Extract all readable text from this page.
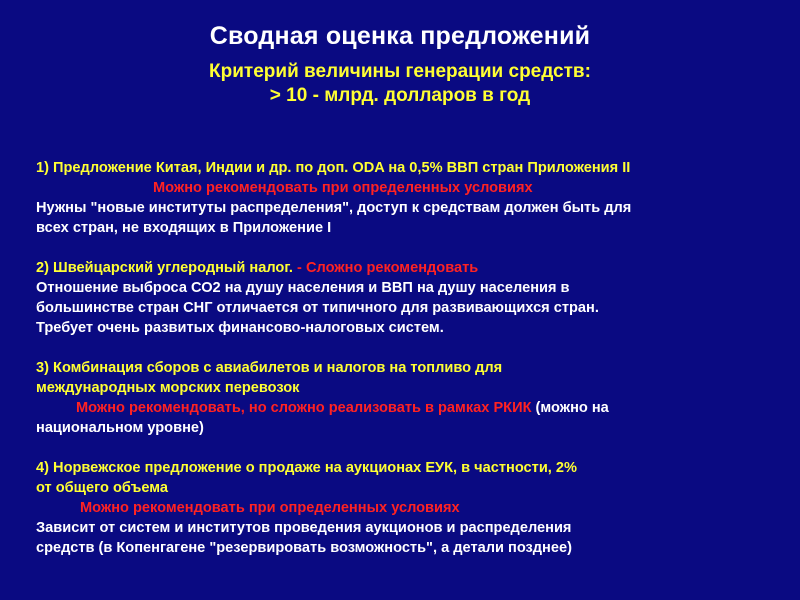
Сводная оценка предложений
Критерий величины генерации средств:
> 10 - млрд. долларов в год
1) Предложение Китая, Индии и др. по доп. ODA на 0,5% ВВП стран Приложения II
Можно рекомендовать при определенных условиях
Нужны "новые институты распределения", доступ к средствам должен быть для
всех стран, не входящих в Приложение I
2) Швейцарский углеродный налог. - Сложно рекомендовать
Отношение выброса СО2 на душу населения и ВВП на душу населения в
большинстве стран СНГ отличается от типичного для развивающихся стран.
Требует очень развитых финансово-налоговых систем.
3) Комбинация сборов с авиабилетов и налогов на топливо для
международных морских перевозок
Можно рекомендовать, но сложно реализовать в рамках РКИК (можно на
национальном уровне)
4) Норвежское предложение о продаже на аукционах ЕУК, в частности, 2%
от общего объема
Можно рекомендовать при определенных условиях
Зависит от систем и институтов проведения аукционов и распределения
средств (в Копенгагене "резервировать возможность", а детали позднее)
